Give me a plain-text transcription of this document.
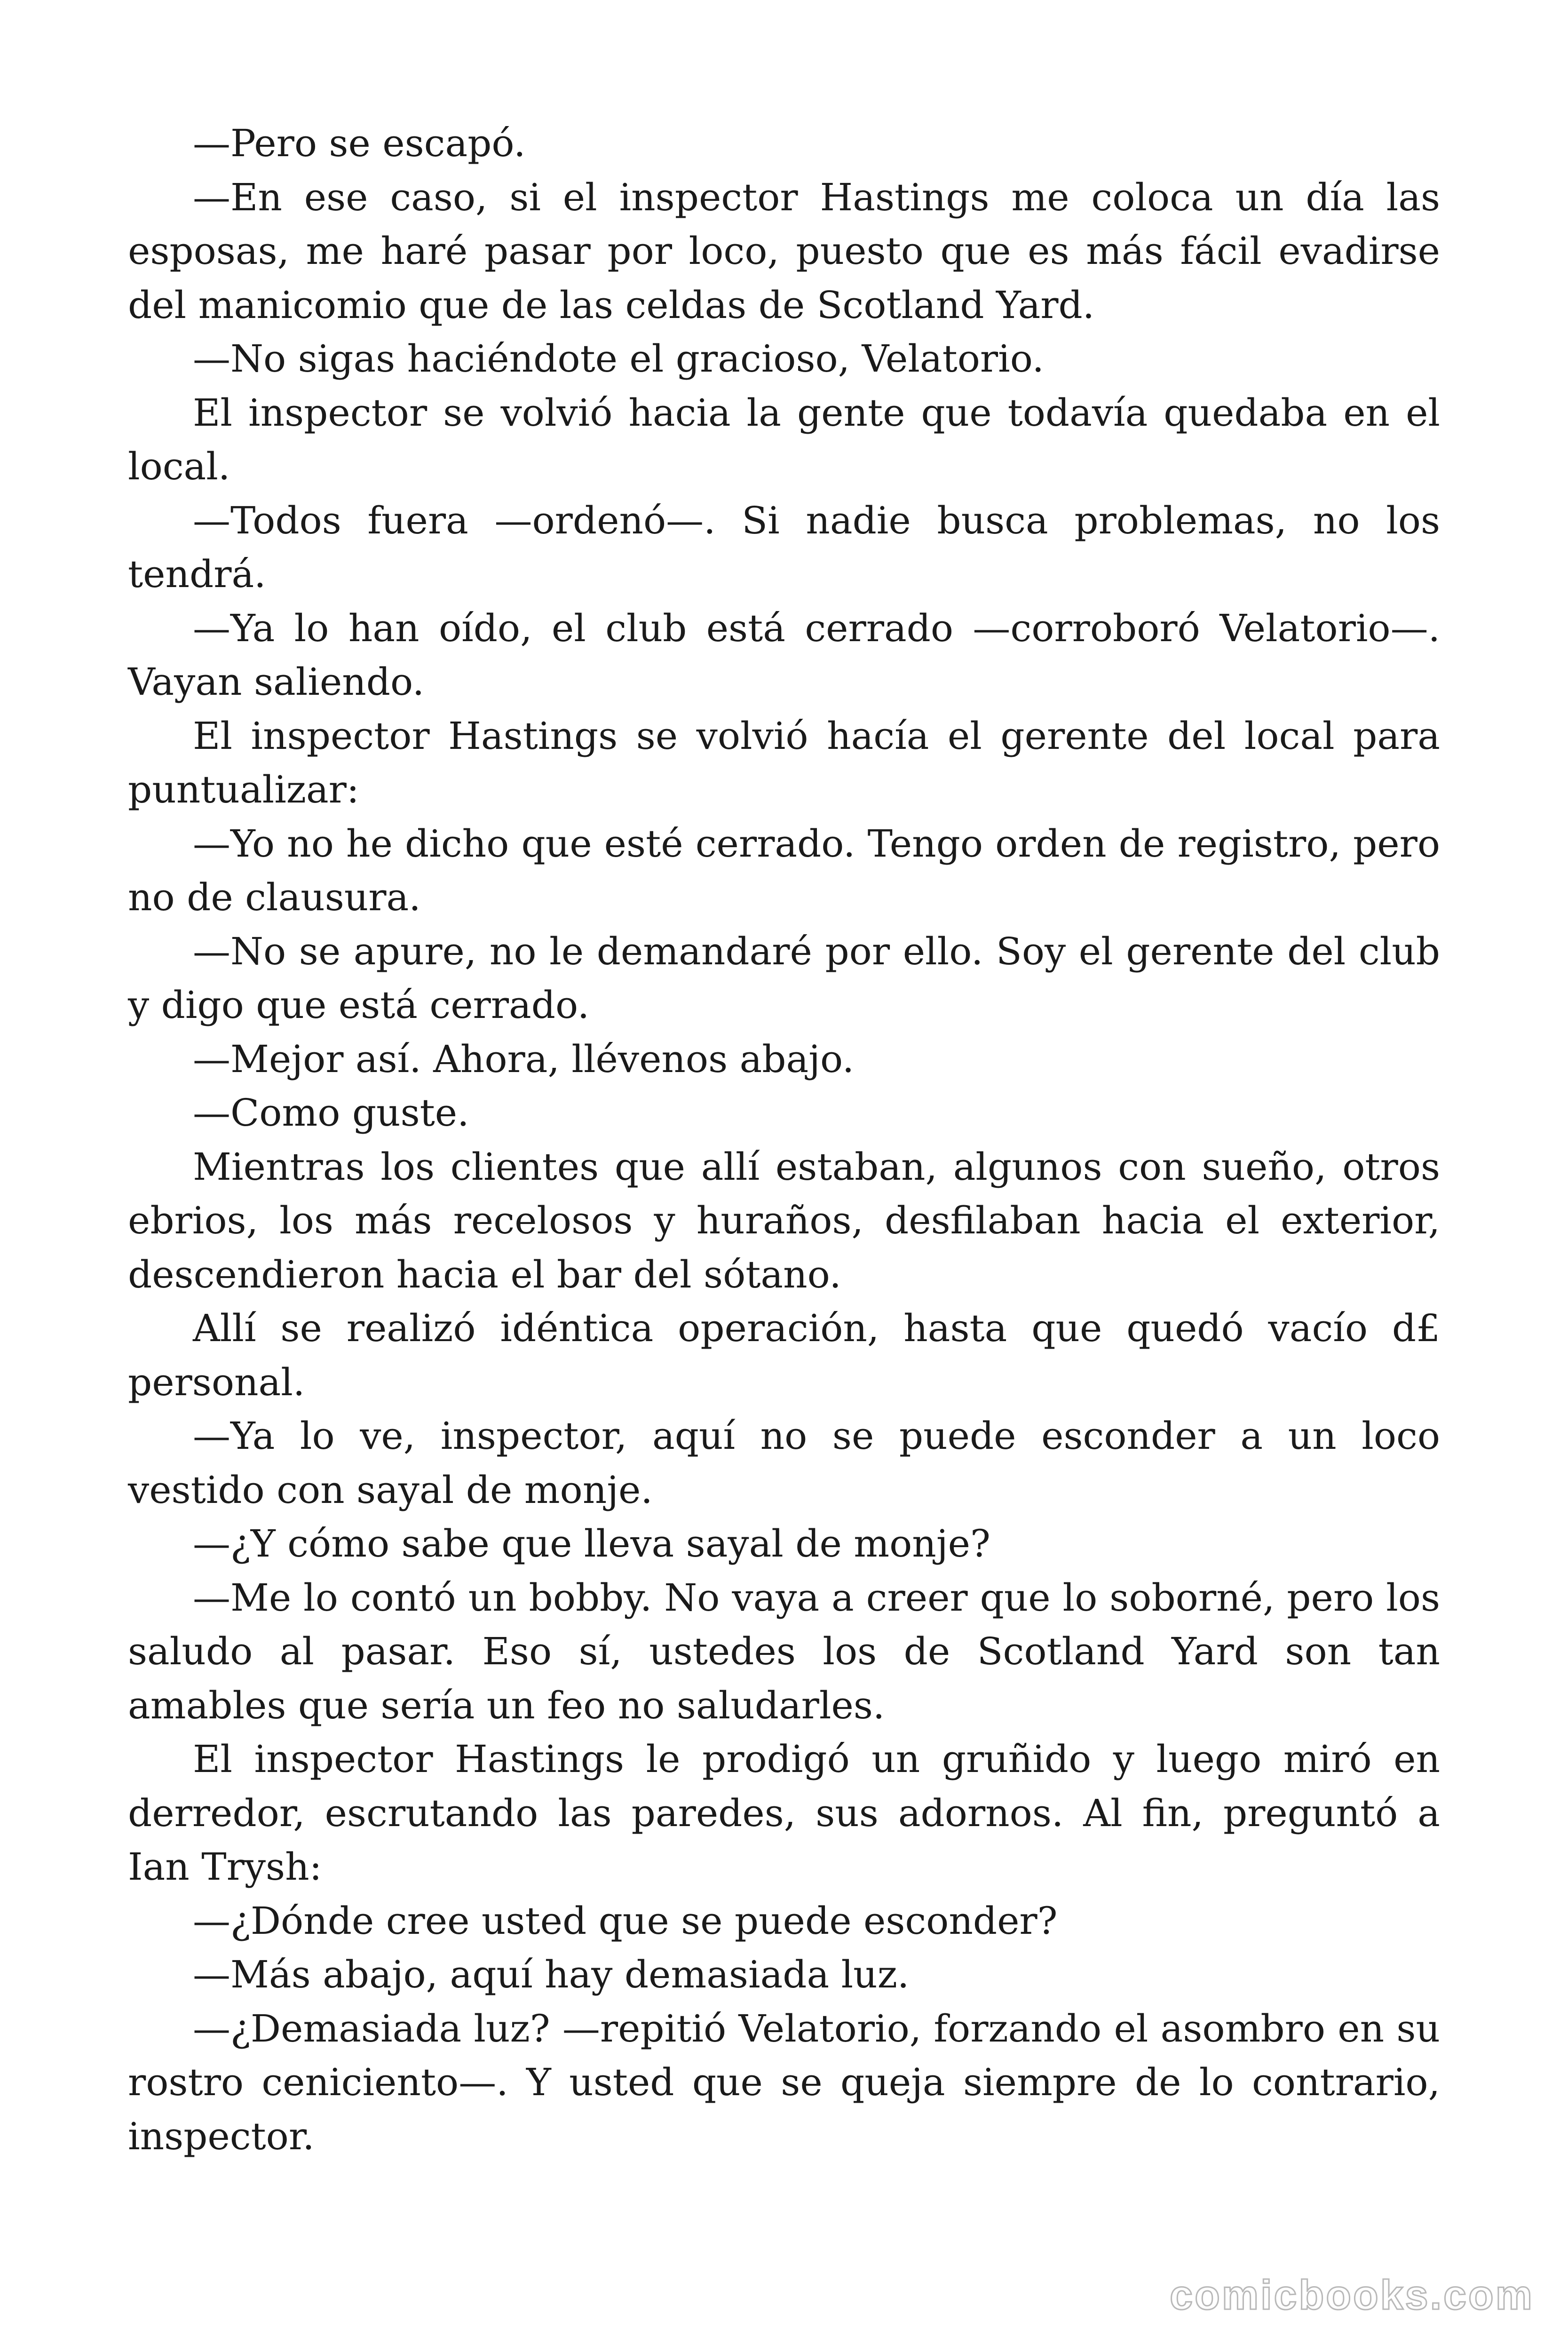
—Pero se escapó.

—En ese caso, si el inspector Hastings me coloca un día las esposas, me haré pasar por loco, puesto que es más fácil evadirse del manicomio que de las celdas de Scotland Yard.

—No sigas haciéndote el gracioso, Velatorio.

El inspector se volvió hacia la gente que todavía quedaba en el local.

—Todos fuera —ordenó—. Si nadie busca problemas, no los tendrá.

—Ya lo han oído, el club está cerrado —corroboró Velatorio—. Vayan saliendo.

El inspector Hastings se volvió hacía el gerente del local para puntualizar:

—Yo no he dicho que esté cerrado. Tengo orden de registro, pero no de clausura.

—No se apure, no le demandaré por ello. Soy el gerente del club y digo que está cerrado.

—Mejor así. Ahora, llévenos abajo.

—Como guste.

Mientras los clientes que allí estaban, algunos con sueño, otros ebrios, los más recelosos y huraños, desfilaban hacia el exterior, descendieron hacia el bar del sótano.

Allí se realizó idéntica operación, hasta que quedó vacío d£ personal.

—Ya lo ve, inspector, aquí no se puede esconder a un loco vestido con sayal de monje.

—¿Y cómo sabe que lleva sayal de monje?

—Me lo contó un bobby. No vaya a creer que lo soborné, pero los saludo al pasar. Eso sí, ustedes los de Scotland Yard son tan amables que sería un feo no saludarles.

El inspector Hastings le prodigó un gruñido y luego miró en derredor, escrutando las paredes, sus adornos. Al fin, preguntó a Ian Trysh:

—¿Dónde cree usted que se puede esconder?

—Más abajo, aquí hay demasiada luz.

—¿Demasiada luz? —repitió Velatorio, forzando el asombro en su rostro ceniciento—. Y usted que se queja siempre de lo contrario, inspector.

comicbooks.com
